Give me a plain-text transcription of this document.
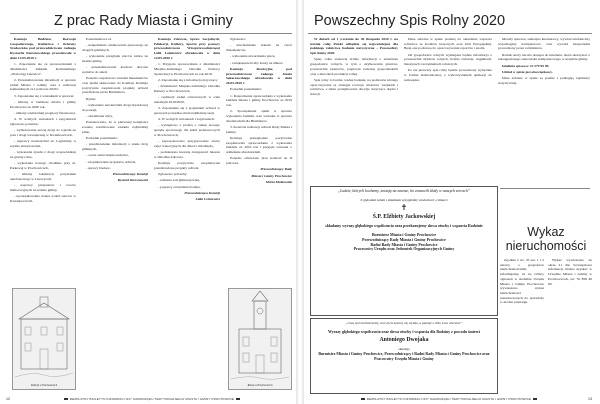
Z prac Rady Miasta i Gminy

Komisja Budżetu, Rozwoju Gospodarczego, Rolnictwa i Ochrony Środowiska pod przewodnictwem radnego Ryszarda Kiersnowskiego procedowała w dniu 12.05.2020 r.

1. Zapoznanie się ze sprawozdaniem z działalności Zakładu Komunalnego „Wodociąg Lisewice”.

2. Przeanalizowanie informacji w sprawie zadań Miasta i Gminy oraz z realizacji komunalnych za I półrocze 2020 r.

3. Zapoznanie się z wnioskiem w sprawie:

- zmiany w budżecie miasta i gminy Prochowice na 2020 rok,

- zmiany wieloletniej prognozy finansowej.

4. W wolnych wnioskach i zapytaniach zgłoszono potrzebę:

- wybudowania nowej drogi do wjazdu na pola i drogi wewnętrznej w Kwiatkowicach,

- naprawy nawierzchni ul. Legnickiej w rejonie skrzyżowania,

- wykonania zjazdu z drogi wojewódzkiej na grunty rolne,

- wykonania nowego chodnika przy ul. Parkowej w Prochowicach,

- zmiany lokalizacji przystanku autobusowego w Lisowicach,

- naprawy przepustów i rowów melioracyjnych na terenie gminy,

- uporządkowania terenu wokół stawów w Kwiatkowicach.

Pałacyk w Prochowicach

Posiedzeniowa za

- uzupełnienie oznakowania pionowego na drogach gminnych,

- wykonanie przeglądu placów zabaw na terenie gminy,

- przeanalizowania kosztów dowozu uczniów do szkół.

Ponadto rozpatrzono wnioski mieszkańców oraz pisma skierowane do Komisji. Komisja pozytywnie zaopiniowała projekty uchwał przedłożone przez Burmistrza.

Rybno:

- wykonanie nawierzchni drogi dojazdowej do posesji,

- oświetlenia ulicy,

Postanowiono, że w pierwszej kolejności zostaną zrealizowane zadania najbardziej pilne.

Porządek posiedzenia:

- przedstawienie informacji o stanie dróg gminnych,

- ocena stanu bezpieczeństwa,

- zaopiniowanie projektów uchwał,

- sprawy bieżące.

Przewodniczący Komisji

Ryszard Kiersnowski

Komisja Zdrowia, Spraw Socjalnych, Edukacji, Kultury, Sportu przy pomocy przewodnictwem Wiceprzewodniczącej Lidii Leśniewicz obradowała w dniu 14.05.2020 r.

1. Przyjęcie sprawozdania z działalności Miejsko-Gminnego Ośrodka Pomocy Społecznej w Prochowicach za rok 2019.

2. Zapoznanie się z informacją dotyczącą:

- działalności Miejsko-Gminnego Ośrodka Kultury w Prochowicach,

- realizacji zadań oświatowych w roku szkolnym 2019/2020,

3. Zapoznanie się z projektami uchwał w sprawach porządku obrad najbliższej sesji.

4. W wolnych wnioskach i zapytaniach:

- wystąpiono z prośbą o zakup nowego sprzętu sportowego dla szkół podstawowych w Prochowicach,

- zaproponowano przygotowanie oferty zajęć wakacyjnych dla dzieci i młodzieży,

- podniesiono kwestię dostępności lekarza w Ośrodku Zdrowia.

Komisja pozytywnie zaopiniowała przedstawione projekty uchwał.

Zgłoszono potrzeby:

- remontu sali gimnastycznej,

- poprawy oświetlenia boiska.

Przewodnicząca Komisji

Lidia Leśniewicz

Zgłoszono:

- uruchomienie kanału na rzecz mieszkańców,

- wykonanie utwardzenia placu,

- zwiększenia liczby koszy na śmieci.

Komisja Rewizyjna pod przewodnictwem radnego Józefa Sękaczewskiego obradowała w dniu 26.05.2020 r.

Porządek posiedzenia:

1. Rozpatrzenie sprawozdania z wykonania budżetu miasta i gminy Prochowice za 2019 rok.

2. Sporządzenie opinii w sprawie wykonania budżetu oraz wniosku w sprawie absolutorium dla Burmistrza.

3. Kontrola realizacji uchwał Rady Miasta i Gminy.

Komisja jednogłośnie pozytywnie zaopiniowała sprawozdanie z wykonania budżetu za 2019 rok i przyjęła wniosek o udzielenie absolutorium.

Ponadto omówiono plan kontroli na II półrocze.

Przewodniczący Rady

Miasta i Gminy Prochowice

Marta Matkowiak

Ratusz w Prochowicach
12	BEZPŁATNY BIULETYN INFORMACYJNY SAMORZĄDU TERYTORIALNEGO MIASTA I GMINY PROCHOWICE
Powszechny Spis Rolny 2020

W dniach od 1 września do 30 listopada 2020 r. na terenie całej Polski odbędzie się najważniejsze dla polskiego rolnictwa badanie statystyczne – Powszechny Spis Rolny 2020.

Spisy rolne stanowią źródło informacji o strukturze gospodarstw rolnych, w tym o użytkowaniu gruntów, powierzchni zasiewów, pogłowiu zwierząt gospodarskich oraz o metodach produkcji rolnej.

Spis rolny to bardzo ważne badanie, na podstawie którego opracowywane są strategie rozwoju obszarów wiejskich i rolnictwa, a także podejmowane decyzje dotyczące dopłat i dotacji.

Dane zebrane w spisie posłużą do określenia wsparcia rolnictwa ze środków krajowych oraz Unii Europejskiej. Będą one podstawą do opracowywania raportów i analiz.

Od gospodarstw rolnych wymagana będzie informacja o powierzchni użytków rolnych, liczbie zwierząt, ciągnikach, maszynach i urządzeniach rolniczych.

Po raz pierwszy spis rolny będzie prowadzony wyłącznie w formie elektronicznej, z wykorzystaniem aplikacji do samospisu.

Metody spisowe: samospis internetowy, wywiad telefoniczny wspomagany komputerowo oraz wywiad bezpośredni prowadzony przez rachmistrza.

Rolnik, który nie ma dostępu do internetu, może skorzystać z udostępnionego stanowiska komputerowego w urzędzie gminy.

Infolinia spisowa: 22 279 99 99.

Udział w spisie jest obowiązkowy.

Dane zebrane w spisie są poufne i podlegają tajemnicy statystycznej.

„Ludzie, których kochamy, zostają na zawsze, bo zostawili ślady w naszych sercach”
Z głębokim żalem i smutkiem przyjęliśmy wiadomość o śmierci
✝
Ś.P. Elżbiety Jackowskiej
składamy wyrazy głębokiego współczucia oraz przekazujemy słowa otuchy i wsparcia Rodzinie
Burmistrz Miasta i Gminy Prochowice
Przewodniczący Rady Miasta i Gminy Prochowice
Radni Rady Miasta i Gminy Prochowice
Pracownicy Urzędu oraz Jednostek Organizacyjnych Gminy
„Czas jest nieśmiertelny, lecz życie kończy się szybko, a pamięć o Nim trwa wiecznie”
Wyrazy głębokiego współczucia oraz słowa otuchy i wsparcia dla Rodziny z powodu śmierci
Antoniego Dwojaka
składają
Burmistrz Miasta i Gminy Prochowice, Przewodniczący i Radni Rady Miasta i Gminy Prochowice oraz Pracownicy Urzędu Miasta i Gminy
Wykaz nieruchomości

Zgodnie z art. 35 ust. 1 i 2 ustawy o gospodarce nieruchomościami, informujemy, że na tablicy ogłoszeń w siedzibie Urzędu Miasta i Gminy Prochowice wywieszono wykaz nieruchomości przeznaczonych do sprzedaży w drodze przetargu.

Wykaz wywieszono na okres 21 dni. Szczegółowe informacje można uzyskać w Urzędzie Miasta i Gminy w Prochowicach, tel. 76 858 40 00.

13
BEZPŁATNY BIULETYN INFORMACYJNY SAMORZĄDU TERYTORIALNEGO MIASTA I GMINY PROCHOWICE
